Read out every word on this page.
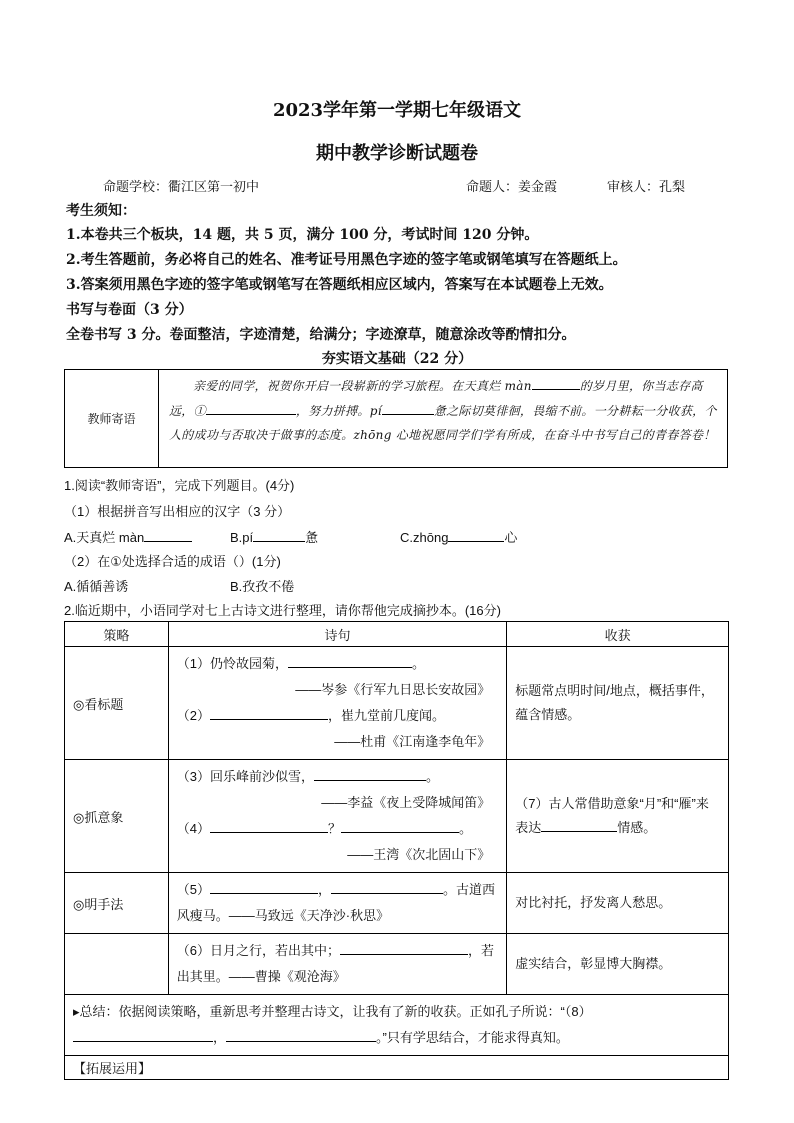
2023学年第一学期七年级语文
期中教学诊断试题卷
命题学校：衢江区第一初中	命题人：姜金霞	审核人：孔梨
考生须知：
1.本卷共三个板块，14 题，共 5 页，满分 100 分，考试时间 120 分钟。
2.考生答题前，务必将自己的姓名、准考证号用黑色字迹的签字笔或钢笔填写在答题纸上。
3.答案须用黑色字迹的签字笔或钢笔写在答题纸相应区域内，答案写在本试题卷上无效。
书写与卷面（3 分）
全卷书写 3 分。卷面整洁，字迹清楚，给满分；字迹潦草，随意涂改等酌情扣分。
夯实语文基础（22 分）
教师寄语
亲爱的同学，祝贺你开启一段崭新的学习旅程。在天真烂 màn	的岁月里，你当志存高远，①	，努力拼搏。pí	惫之际切莫徘徊，畏缩不前。一分耕耘一分收获，个人的成功与否取决于做事的态度。zhōng 心地祝愿同学们学有所成，在奋斗中书写自己的青春答卷！
1.阅读“教师寄语”，完成下列题目。(4分)
（1）根据拼音写出相应的汉字（3 分）
A.天真烂 màn	B.pí	惫	C.zhōng	心
（2）在①处选择合适的成语（）(1分)
A.循循善诱	B.孜孜不倦
2.临近期中，小语同学对七上古诗文进行整理，请你帮他完成摘抄本。(16分)
策略	诗句	收获
◎看标题	（1）仍怜故园菊， 。
——岑参《行军九日思长安故园》
（2） ，崔九堂前几度闻。
——杜甫《江南逢李龟年》	标题常点明时间/地点，概括事件，蕴含情感。
◎抓意象	（3）回乐峰前沙似雪， 。
——李益《夜上受降城闻笛》
（4） ？ 。
——王湾《次北固山下》	（7）古人常借助意象“月”和“雁”来表达 情感。
◎明手法	（5） ， 。古道西风瘦马。——马致远《天净沙·秋思》	对比衬托，抒发离人愁思。
	（6）日月之行，若出其中； ，若出其里。——曹操《观沧海》	虚实结合，彰显博大胸襟。
▸总结：依据阅读策略，重新思考并整理古诗文，让我有了新的收获。正如孔子所说：“（8）
， 。”只有学思结合，才能求得真知。		
【拓展运用】		
